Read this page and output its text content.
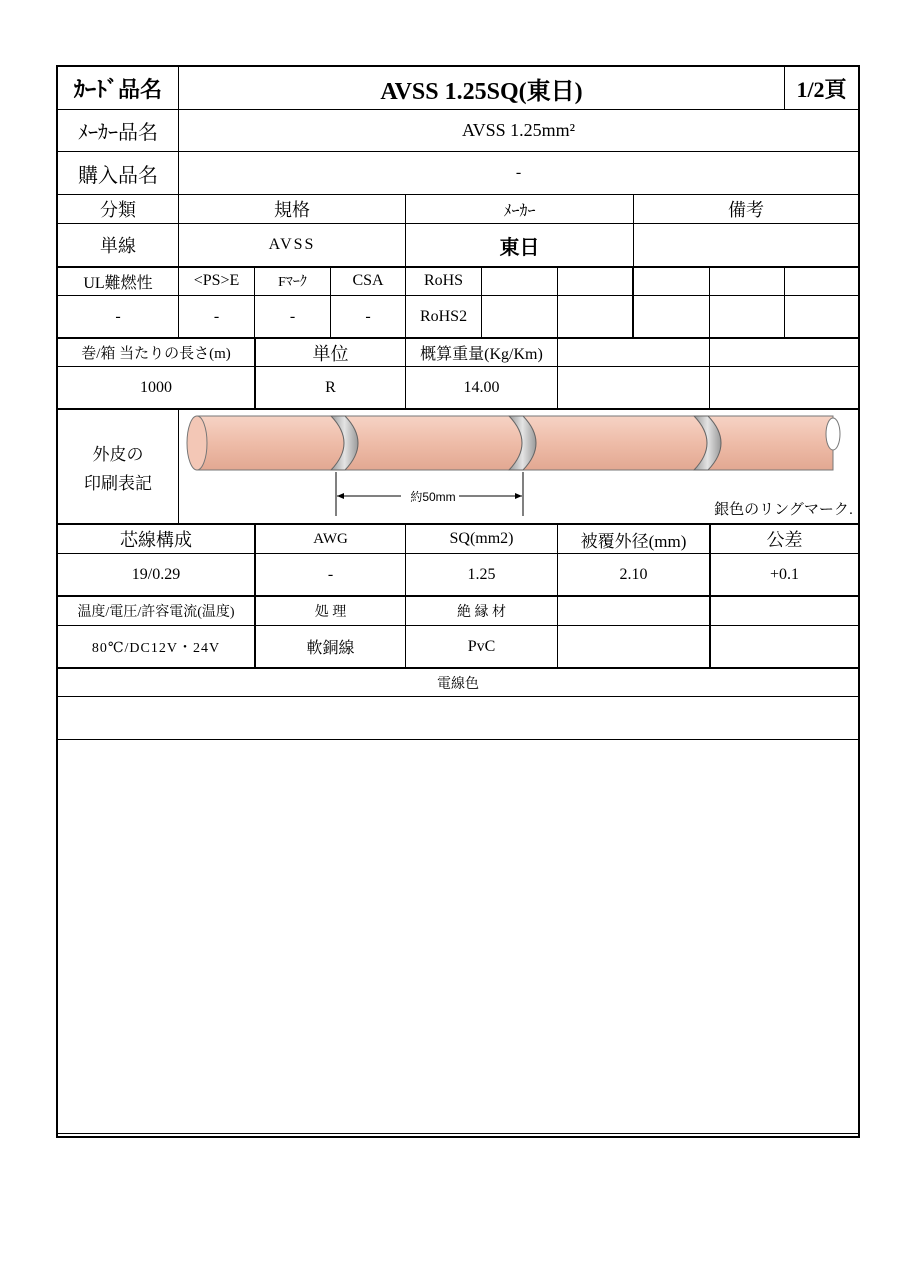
ｶｰﾄﾞ品名	AVSS 1.25SQ(東日)	1/2頁
ﾒｰｶｰ品名	AVSS 1.25mm²
購入品名	-
分類	規格	ﾒｰｶｰ	備考
単線	AVSS	東日
UL難燃性	<PS>E	Fﾏｰｸ	CSA	RoHS
-	-	-	-	RoHS2
巻/箱 当たりの長さ(m)	単位	概算重量(Kg/Km)
1000	R	14.00
外皮の
印刷表記
約50mm
銀色のリングマーク.
芯線構成	AWG	SQ(mm2)	被覆外径(mm)	公差
19/0.29	-	1.25	2.10	+0.1
温度/電圧/許容電流(温度)	処 理	絶 縁 材
80℃/DC12V・24V	軟銅線	PvC
電線色
